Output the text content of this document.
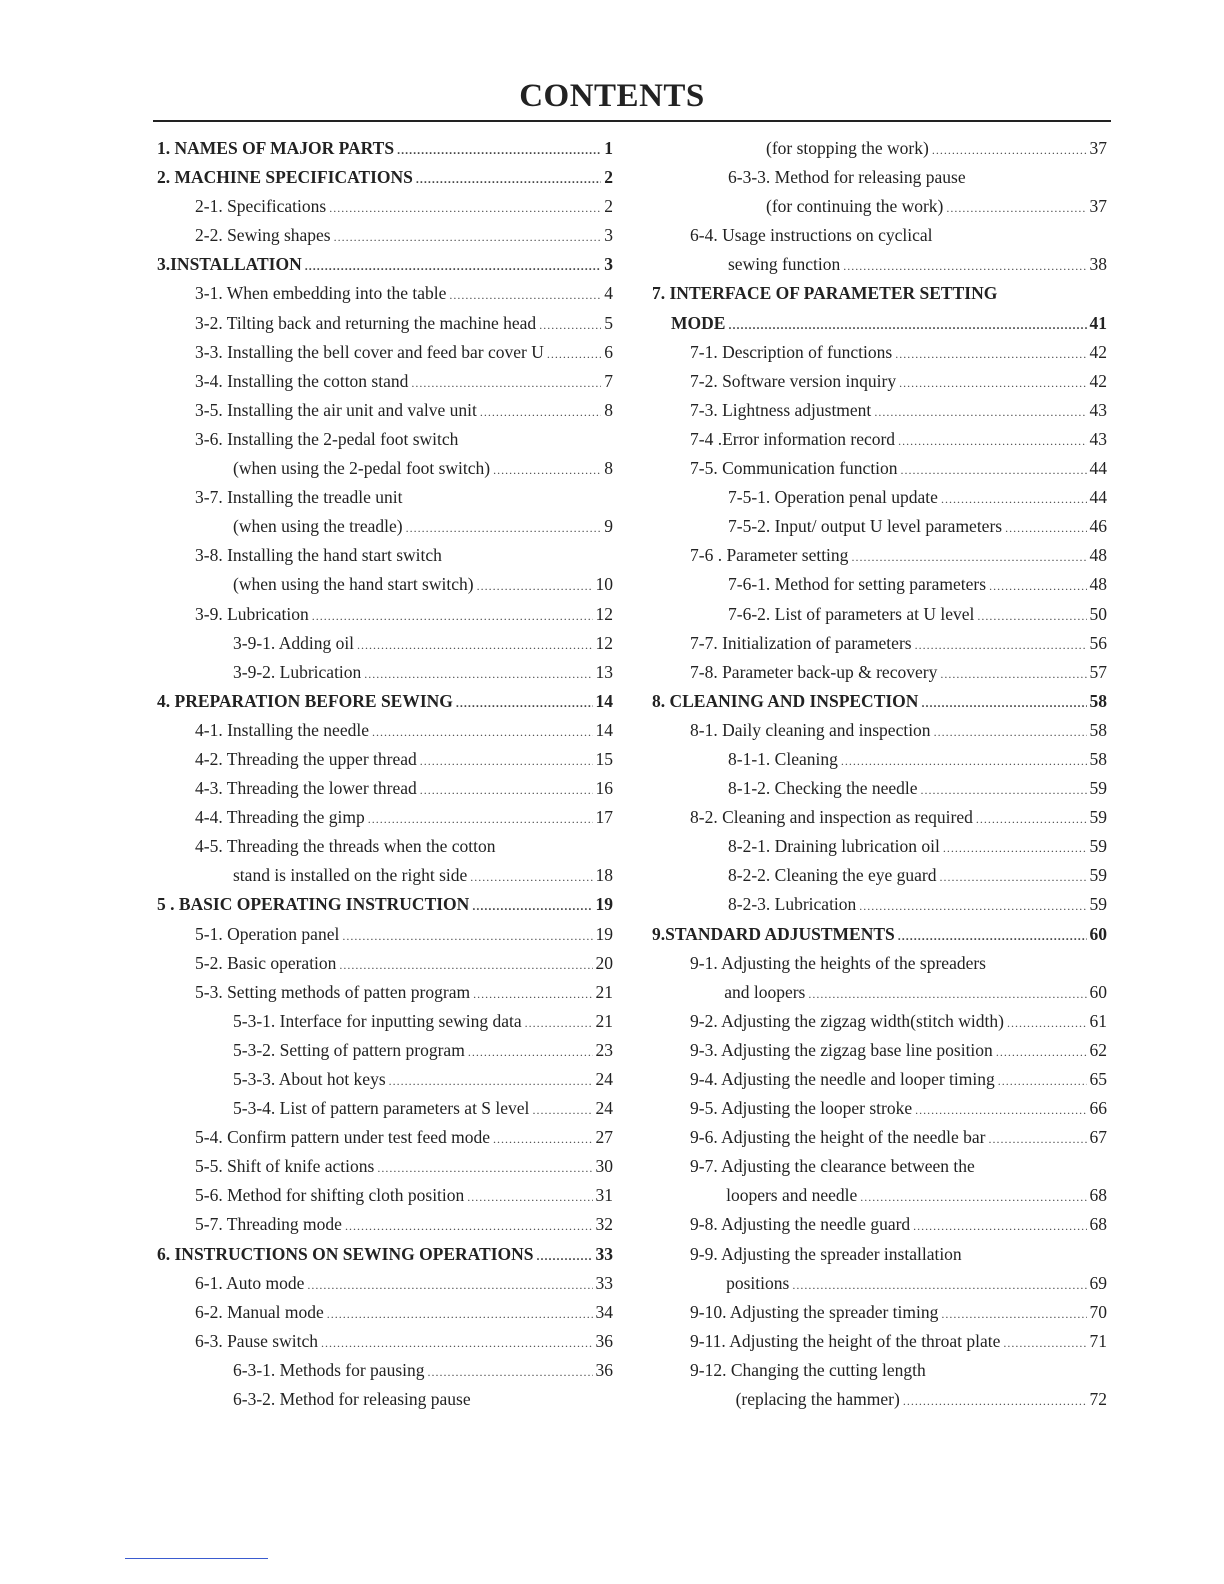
CONTENTS
1. NAMES OF MAJOR PARTS .....	1
2. MACHINE SPECIFICATIONS .....	2
2-1. Specifications .....	2
2-2. Sewing shapes .....	3
3.INSTALLATION .....	3
3-1. When embedding into the table .....	4
3-2. Tilting back and returning the machine head .....	5
3-3. Installing the bell cover and feed bar cover U .....	6
3-4. Installing the cotton stand .....	7
3-5. Installing the air unit and valve unit .....	8
3-6. Installing the 2-pedal foot switch
(when using the 2-pedal foot switch) .....	8
3-7. Installing the treadle unit
(when using the treadle) .....	9
3-8. Installing the hand start switch
(when using the hand start switch) .....	10
3-9. Lubrication .....	12
3-9-1. Adding oil .....	12
3-9-2. Lubrication .....	13
4. PREPARATION BEFORE SEWING .....	14
4-1. Installing the needle .....	14
4-2. Threading the upper thread .....	15
4-3. Threading the lower thread .....	16
4-4. Threading the gimp .....	17
4-5. Threading the threads when the cotton
stand is installed on the right side .....	18
5 . BASIC OPERATING INSTRUCTION .....	19
5-1. Operation panel .....	19
5-2. Basic operation .....	20
5-3. Setting methods of patten program .....	21
5-3-1. Interface for inputting sewing data .....	21
5-3-2. Setting of pattern program .....	23
5-3-3. About hot keys .....	24
5-3-4. List of pattern parameters at S level .....	24
5-4. Confirm pattern under test feed mode .....	27
5-5. Shift of knife actions .....	30
5-6. Method for shifting cloth position .....	31
5-7. Threading mode .....	32
6. INSTRUCTIONS ON SEWING OPERATIONS .....	33
6-1. Auto mode .....	33
6-2. Manual mode .....	34
6-3. Pause switch .....	36
6-3-1. Methods for pausing .....	36
6-3-2. Method for releasing pause
(for stopping the work) .....	37
6-3-3. Method for releasing pause
(for continuing the work) .....	37
6-4. Usage instructions on cyclical
sewing function .....	38
7. INTERFACE OF PARAMETER SETTING
MODE .....	41
7-1. Description of functions .....	42
7-2. Software version inquiry .....	42
7-3. Lightness adjustment .....	43
7-4 .Error information record .....	43
7-5. Communication function .....	44
7-5-1. Operation penal update .....	44
7-5-2. Input/ output U level parameters .....	46
7-6 . Parameter setting .....	48
7-6-1. Method for setting parameters .....	48
7-6-2. List of parameters at U level .....	50
7-7. Initialization of parameters .....	56
7-8. Parameter back-up & recovery .....	57
8. CLEANING AND INSPECTION .....	58
8-1. Daily cleaning and inspection .....	58
8-1-1. Cleaning .....	58
8-1-2. Checking the needle .....	59
8-2. Cleaning and inspection as required .....	59
8-2-1. Draining lubrication oil .....	59
8-2-2. Cleaning the eye guard .....	59
8-2-3. Lubrication .....	59
9.STANDARD ADJUSTMENTS .....	60
9-1. Adjusting the heights of the spreaders
and loopers .....	60
9-2. Adjusting the zigzag width(stitch width) .....	61
9-3. Adjusting the zigzag base line position .....	62
9-4. Adjusting the needle and looper timing .....	65
9-5. Adjusting the looper stroke .....	66
9-6. Adjusting the height of the needle bar .....	67
9-7. Adjusting the clearance between the
loopers and needle .....	68
9-8. Adjusting the needle guard .....	68
9-9. Adjusting the spreader installation
positions .....	69
9-10. Adjusting the spreader timing .....	70
9-11. Adjusting the height of the throat plate .....	71
9-12. Changing the cutting length
(replacing the hammer) .....	72
